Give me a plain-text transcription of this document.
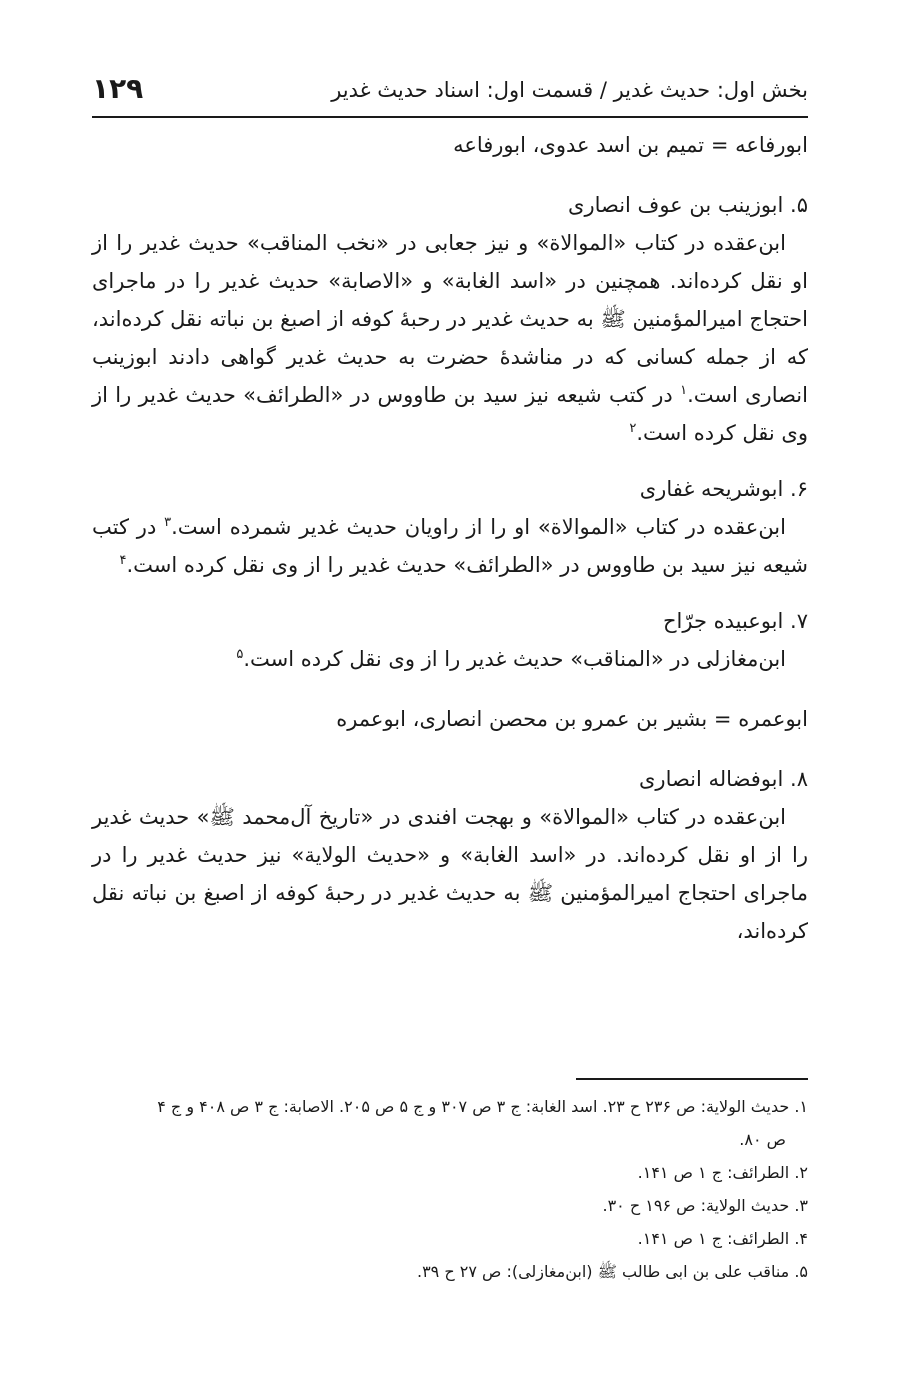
بخش اول: حدیث غدیر / قسمت اول: اسناد حدیث غدیر
۱۲۹

ابورفاعه = تمیم بن اسد عدوی، ابورفاعه

۵. ابوزینب بن عوف انصاری

ابن‌عقده در کتاب «الموالاة» و نیز جعابی در «نخب المناقب» حدیث غدیر را از او نقل کرده‌اند. همچنین در «اسد الغابة» و «الاصابة» حدیث غدیر را در ماجرای احتجاج امیرالمؤمنین ﷺ به حدیث غدیر در رحبهٔ کوفه از اصبغ بن نباته نقل کرده‌اند، که از جمله کسانی که در مناشدهٔ حضرت به حدیث غدیر گواهی دادند ابوزینب انصاری است.$^۱$ در کتب شیعه نیز سید بن طاووس در «الطرائف» حدیث غدیر را از وی نقل کرده است.$^۲$

۶. ابوشریحه غفاری

ابن‌عقده در کتاب «الموالاة» او را از راویان حدیث غدیر شمرده است.$^۳$ در کتب شیعه نیز سید بن طاووس در «الطرائف» حدیث غدیر را از وی نقل کرده است.$^۴$

۷. ابوعبیده جرّاح

ابن‌مغازلی در «المناقب» حدیث غدیر را از وی نقل کرده است.$^۵$

ابوعمره = بشیر بن عمرو بن محصن انصاری، ابوعمره

۸. ابوفضاله انصاری

ابن‌عقده در کتاب «الموالاة» و بهجت افندی در «تاریخ آل‌محمد ﷺ» حدیث غدیر را از او نقل کرده‌اند. در «اسد الغابة» و «حدیث الولایة» نیز حدیث غدیر را در ماجرای احتجاج امیرالمؤمنین ﷺ به حدیث غدیر در رحبهٔ کوفه از اصبغ بن نباته نقل کرده‌اند،

۱. حدیث الولایة: ص ۲۳۶ ح ۲۳. اسد الغابة: ج ۳ ص ۳۰۷ و ج ۵ ص ۲۰۵. الاصابة: ج ۳ ص ۴۰۸ و ج ۴

ص ۸۰.

۲. الطرائف: ج ۱ ص ۱۴۱.

۳. حدیث الولایة: ص ۱۹۶ ح ۳۰.

۴. الطرائف: ج ۱ ص ۱۴۱.

۵. مناقب علی بن ابی طالب ﷺ (ابن‌مغازلی): ص ۲۷ ح ۳۹.
